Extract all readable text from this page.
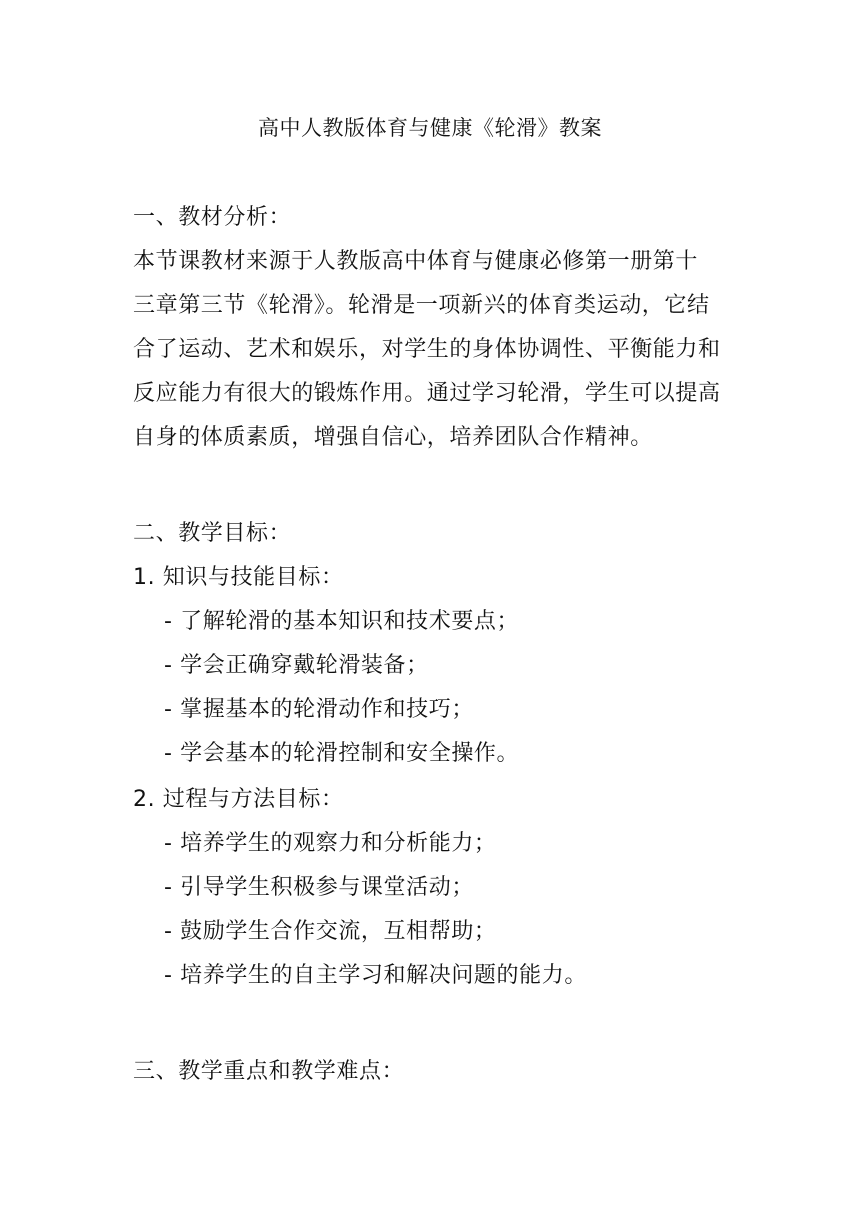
高中人教版体育与健康《轮滑》教案
一、教材分析：
本节课教材来源于人教版高中体育与健康必修第一册第十
三章第三节《轮滑》。轮滑是一项新兴的体育类运动，它结
合了运动、艺术和娱乐，对学生的身体协调性、平衡能力和
反应能力有很大的锻炼作用。通过学习轮滑，学生可以提高
自身的体质素质，增强自信心，培养团队合作精神。
二、教学目标：
1. 知识与技能目标：
- 了解轮滑的基本知识和技术要点；
- 学会正确穿戴轮滑装备；
- 掌握基本的轮滑动作和技巧；
- 学会基本的轮滑控制和安全操作。
2. 过程与方法目标：
- 培养学生的观察力和分析能力；
- 引导学生积极参与课堂活动；
- 鼓励学生合作交流，互相帮助；
- 培养学生的自主学习和解决问题的能力。
三、教学重点和教学难点：
